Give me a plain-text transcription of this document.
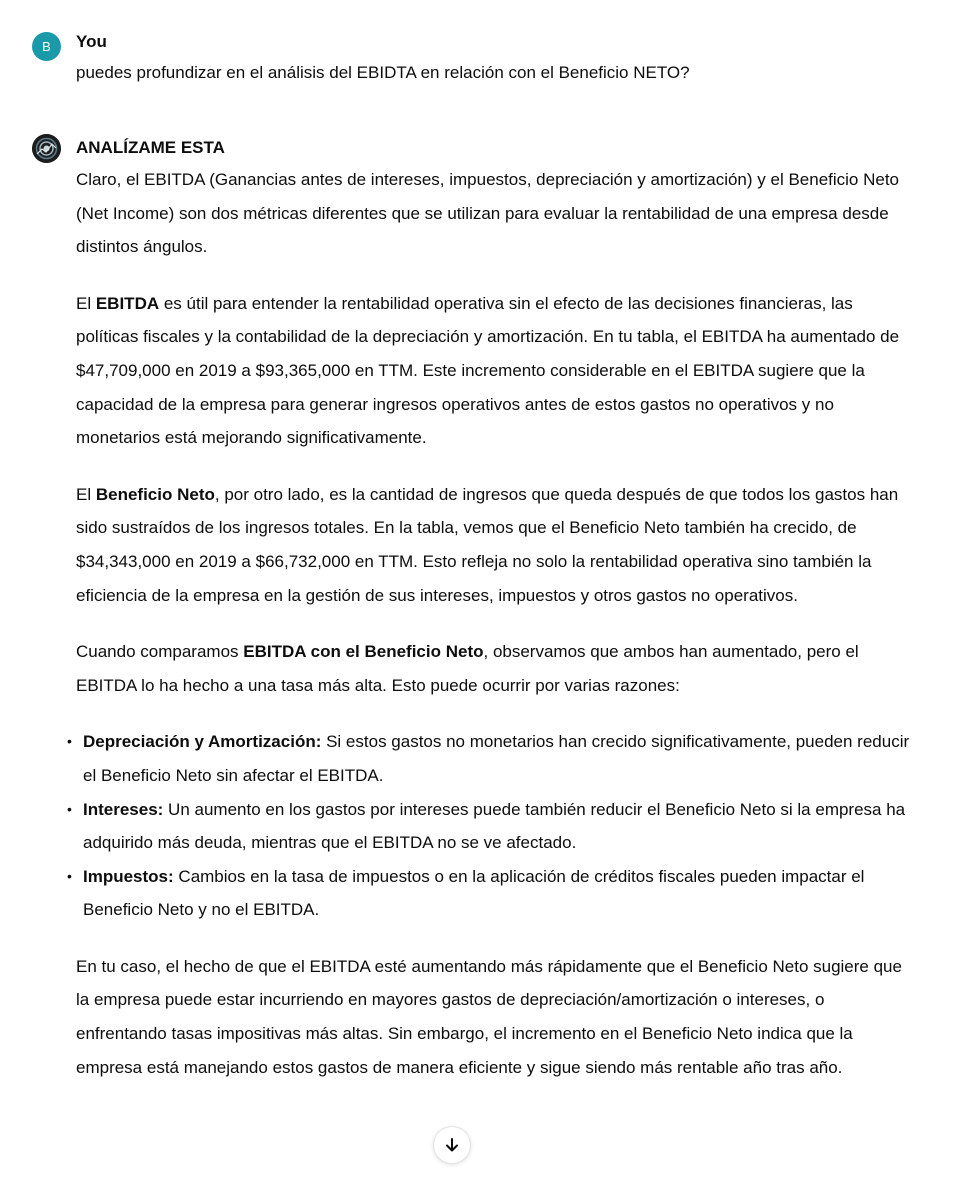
B You

puedes profundizar en el análisis del EBIDTA en relación con el Beneficio NETO?

ANALÍZAME ESTA

Claro, el EBITDA (Ganancias antes de intereses, impuestos, depreciación y amortización) y el Beneficio Neto (Net Income) son dos métricas diferentes que se utilizan para evaluar la rentabilidad de una empresa desde distintos ángulos.

El EBITDA es útil para entender la rentabilidad operativa sin el efecto de las decisiones financieras, las políticas fiscales y la contabilidad de la depreciación y amortización. En tu tabla, el EBITDA ha aumentado de $47,709,000 en 2019 a $93,365,000 en TTM. Este incremento considerable en el EBITDA sugiere que la capacidad de la empresa para generar ingresos operativos antes de estos gastos no operativos y no monetarios está mejorando significativamente.

El Beneficio Neto, por otro lado, es la cantidad de ingresos que queda después de que todos los gastos han sido sustraídos de los ingresos totales. En la tabla, vemos que el Beneficio Neto también ha crecido, de $34,343,000 en 2019 a $66,732,000 en TTM. Esto refleja no solo la rentabilidad operativa sino también la eficiencia de la empresa en la gestión de sus intereses, impuestos y otros gastos no operativos.

Cuando comparamos EBITDA con el Beneficio Neto, observamos que ambos han aumentado, pero el EBITDA lo ha hecho a una tasa más alta. Esto puede ocurrir por varias razones:

• Depreciación y Amortización: Si estos gastos no monetarios han crecido significativamente, pueden reducir el Beneficio Neto sin afectar el EBITDA.
• Intereses: Un aumento en los gastos por intereses puede también reducir el Beneficio Neto si la empresa ha adquirido más deuda, mientras que el EBITDA no se ve afectado.
• Impuestos: Cambios en la tasa de impuestos o en la aplicación de créditos fiscales pueden impactar el Beneficio Neto y no el EBITDA.

En tu caso, el hecho de que el EBITDA esté aumentando más rápidamente que el Beneficio Neto sugiere que la empresa puede estar incurriendo en mayores gastos de depreciación/amortización o intereses, o enfrentando tasas impositivas más altas. Sin embargo, el incremento en el Beneficio Neto indica que la empresa está manejando estos gastos de manera eficiente y sigue siendo más rentable año tras año.
